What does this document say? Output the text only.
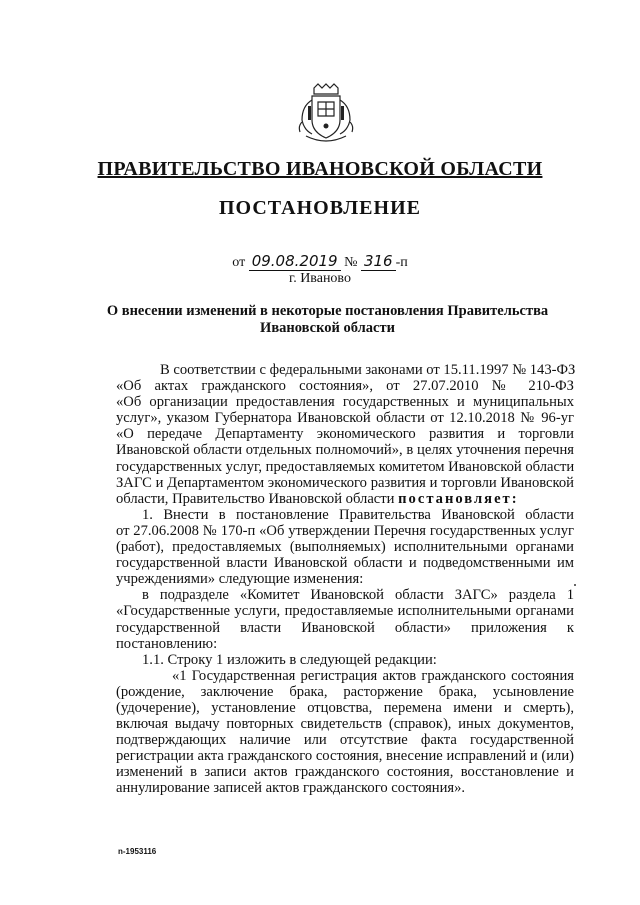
ПРАВИТЕЛЬСТВО ИВАНОВСКОЙ ОБЛАСТИ
ПОСТАНОВЛЕНИЕ
от 09.08.2019 № 316 -п
г. Иваново
О внесении изменений в некоторые постановления Правительства
Ивановской области
В соответствии с федеральными законами от 15.11.1997 № 143-ФЗ
«Об актах гражданского состояния», от 27.07.2010 № 210-ФЗ
«Об организации предоставления государственных и муниципальных
услуг», указом Губернатора Ивановской области от 12.10.2018 № 96-уг
«О передаче Департаменту экономического развития и торговли
Ивановской области отдельных полномочий», в целях уточнения перечня
государственных услуг, предоставляемых комитетом Ивановской области
ЗАГС и Департаментом экономического развития и торговли Ивановской
области, Правительство Ивановской области постановляет:
1. Внести в постановление Правительства Ивановской области
от 27.06.2008 № 170-п «Об утверждении Перечня государственных услуг
(работ), предоставляемых (выполняемых) исполнительными органами
государственной власти Ивановской области и подведомственными им
учреждениями» следующие изменения:
в подразделе «Комитет Ивановской области ЗАГС» раздела 1
«Государственные услуги, предоставляемые исполнительными органами
государственной власти Ивановской области» приложения к
постановлению:
1.1. Строку 1 изложить в следующей редакции:
«1 Государственная регистрация актов гражданского состояния
(рождение, заключение брака, расторжение брака, усыновление
(удочерение), установление отцовства, перемена имени и смерть),
включая выдачу повторных свидетельств (справок), иных документов,
подтверждающих наличие или отсутствие факта государственной
регистрации акта гражданского состояния, внесение исправлений и (или)
изменений в записи актов гражданского состояния, восстановление и
аннулирование записей актов гражданского состояния».
n-1953116
